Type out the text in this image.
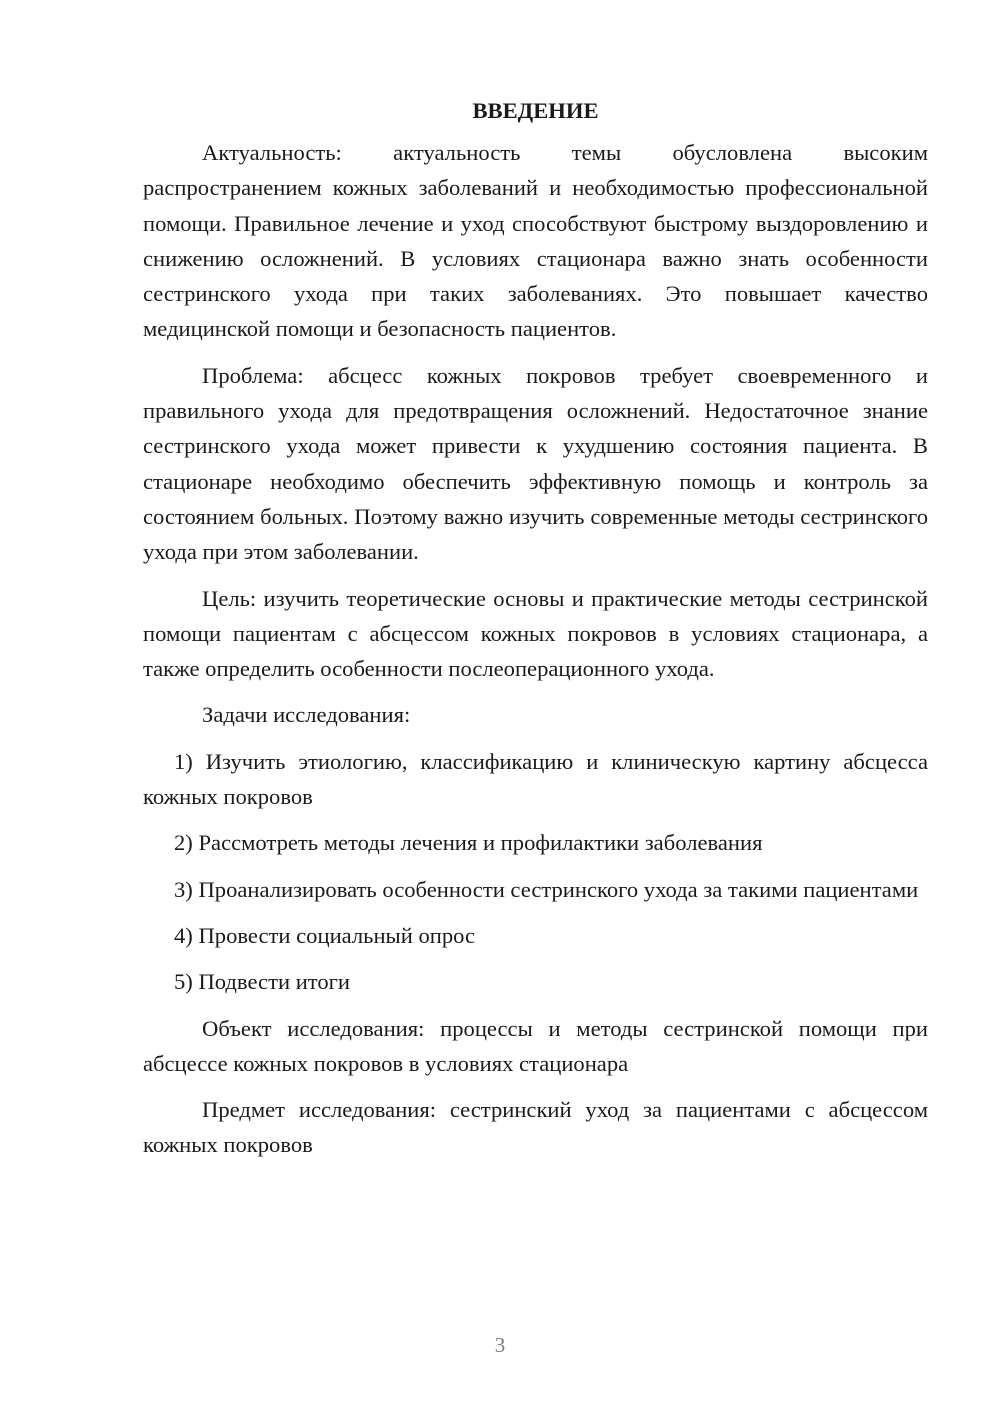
ВВЕДЕНИЕ

Актуальность: актуальность темы обусловлена высоким распространением кожных заболеваний и необходимостью профессиональной помощи. Правильное лечение и уход способствуют быстрому выздоровлению и снижению осложнений. В условиях стационара важно знать особенности сестринского ухода при таких заболеваниях. Это повышает качество медицинской помощи и безопасность пациентов.

Проблема: абсцесс кожных покровов требует своевременного и правильного ухода для предотвращения осложнений. Недостаточное знание сестринского ухода может привести к ухудшению состояния пациента. В стационаре необходимо обеспечить эффективную помощь и контроль за состоянием больных. Поэтому важно изучить современные методы сестринского ухода при этом заболевании.

Цель: изучить теоретические основы и практические методы сестринской помощи пациентам с абсцессом кожных покровов в условиях стационара, а также определить особенности послеоперационного ухода.

Задачи исследования:

1) Изучить этиологию, классификацию и клиническую картину абсцесса кожных покровов

2) Рассмотреть методы лечения и профилактики заболевания

3) Проанализировать особенности сестринского ухода за такими пациентами

4) Провести социальный опрос

5) Подвести итоги

Объект исследования: процессы и методы сестринской помощи при абсцессе кожных покровов в условиях стационара

Предмет исследования: сестринский уход за пациентами с абсцессом кожных покровов

3
